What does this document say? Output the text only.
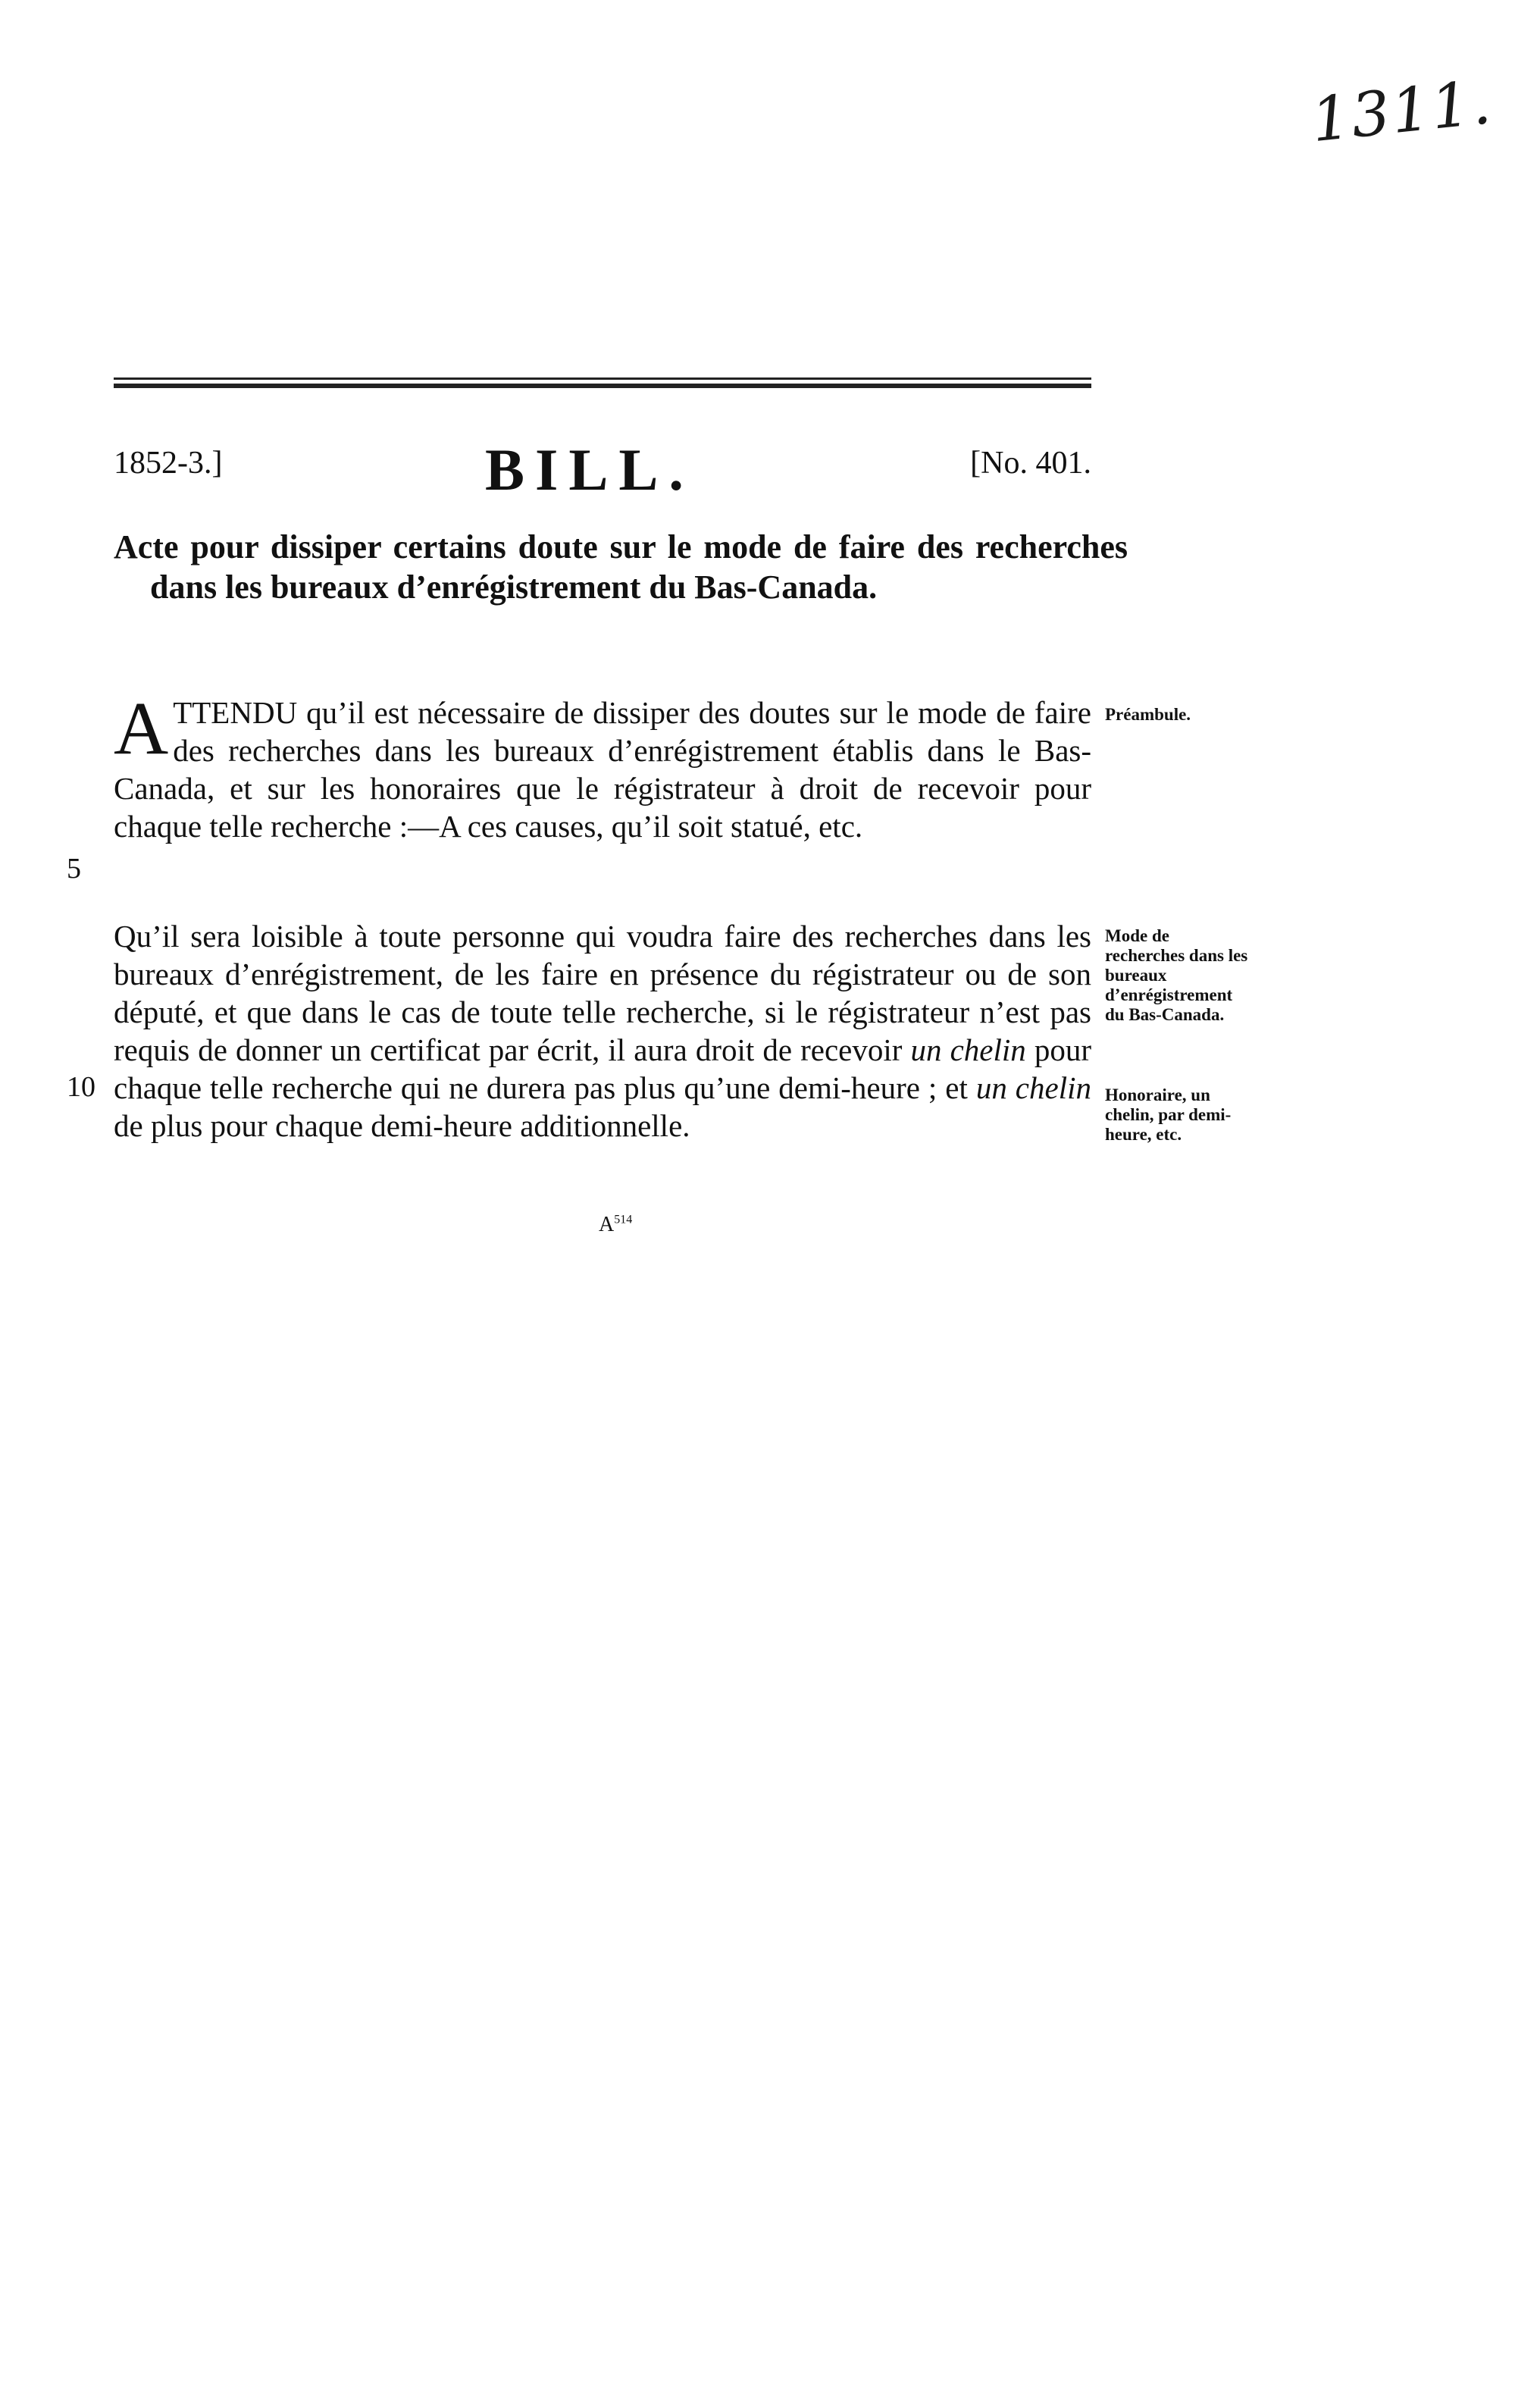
1311.
1852-3.]	BILL.	[No. 401.

Acte pour dissiper certains doute sur le mode de faire des recherches dans les bureaux d’enrégistrement du Bas-Canada.

ATTENDU qu’il est nécessaire de dissiper des doutes sur le mode de faire des recherches dans les bureaux d’enrégistrement établis dans le Bas-Canada, et sur les honoraires que le régistrateur à droit de recevoir pour chaque telle recherche :—A ces causes, qu’il soit statué, etc.

Préambule.
5

Qu’il sera loisible à toute personne qui voudra faire des recherches dans les bureaux d’enrégistrement, de les faire en présence du régistrateur ou de son député, et que dans le cas de toute telle recherche, si le régistrateur n’est pas requis de donner un certificat par écrit, il aura droit de recevoir un chelin pour chaque telle recherche qui ne durera pas plus qu’une demi-heure ; et un chelin de plus pour chaque demi-heure additionnelle.

Mode de recherches dans les bureaux d’enrégistrement du Bas-Canada.
Honoraire, un chelin, par demi-heure, etc.
10
$A^{514}$
